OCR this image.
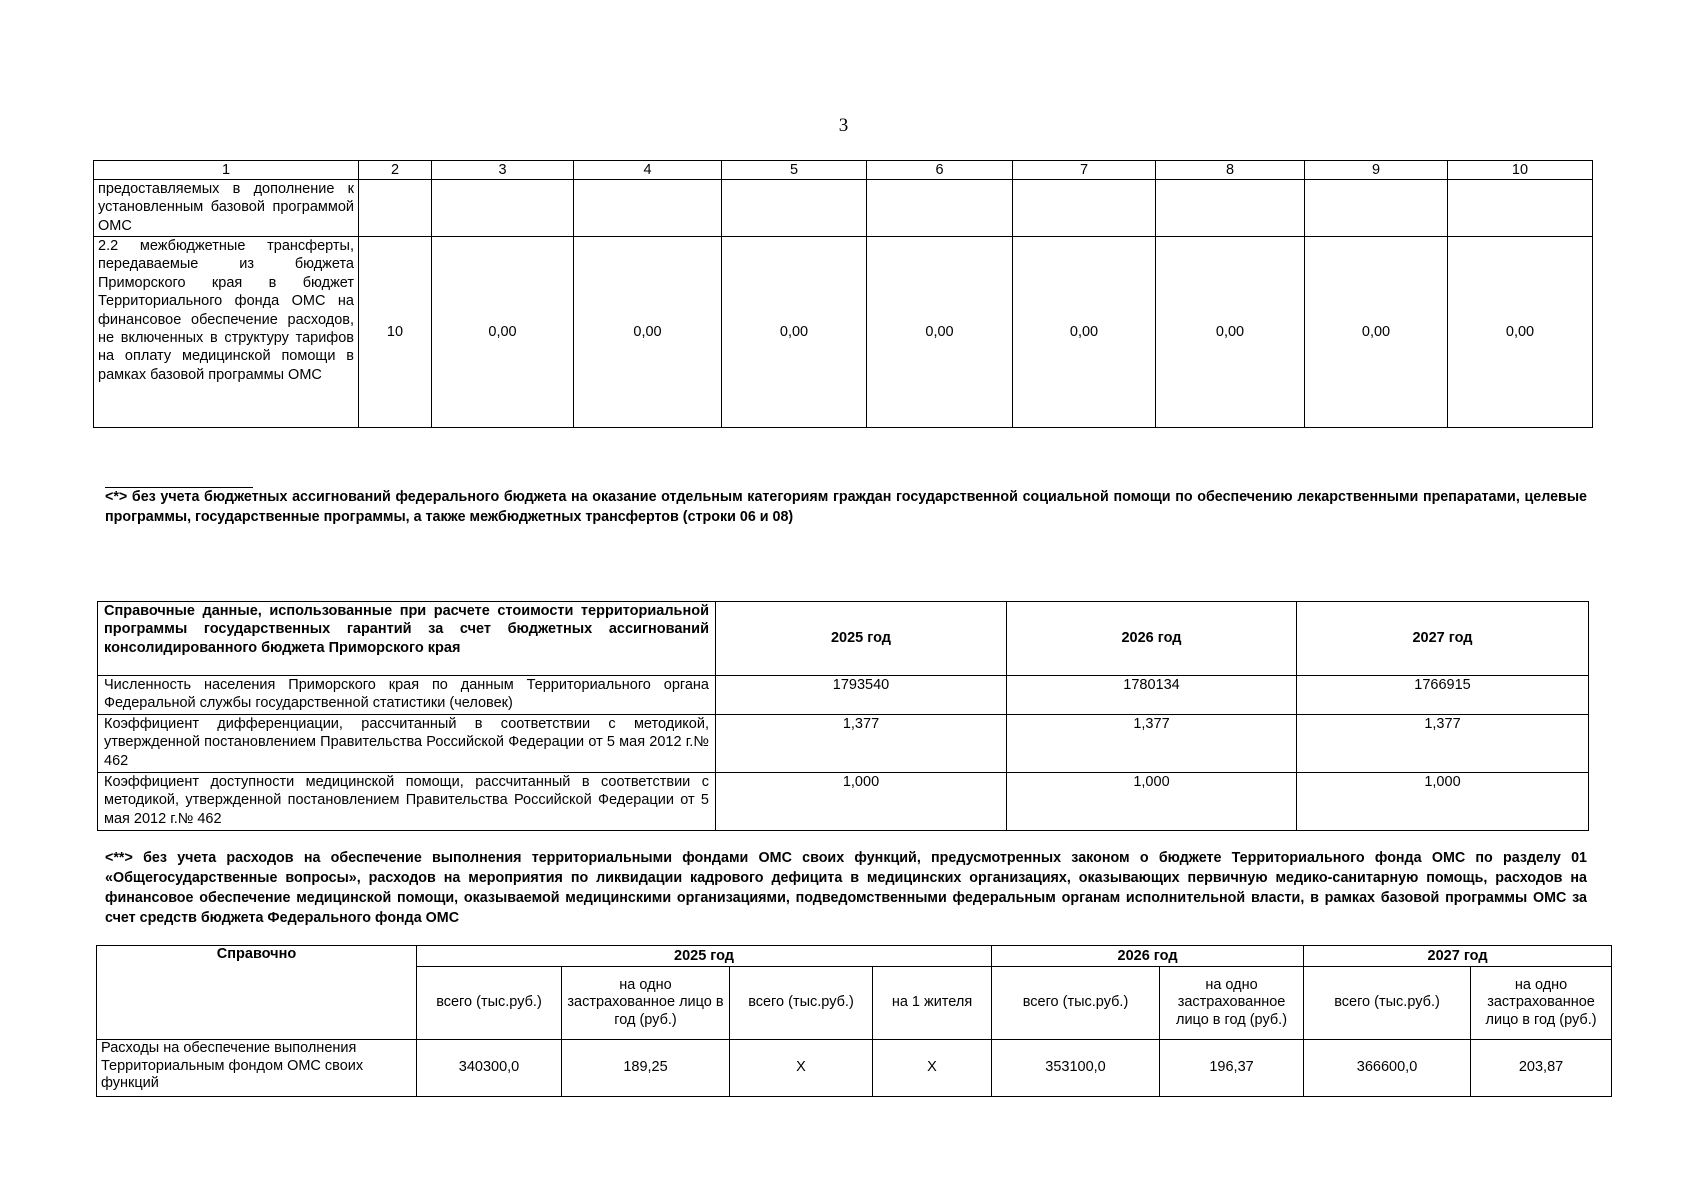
3
1	2	3	4	5	6	7	8	9	10
предоставляемых в дополнение к установленным базовой программой ОМС									
2.2 межбюджетные трансферты, передаваемые из бюджета Приморского края в бюджет Территориального фонда ОМС на финансовое обеспечение расходов, не включенных в структуру тарифов на оплату медицинской помощи в рамках базовой программы ОМС	10	0,00	0,00	0,00	0,00	0,00	0,00	0,00	0,00
<*> без учета бюджетных ассигнований федерального бюджета на оказание отдельным категориям граждан государственной социальной помощи по обеспечению лекарственными препаратами, целевые программы, государственные программы, а также межбюджетных трансфертов (строки 06 и 08)
Справочные данные, использованные при расчете стоимости территориальной программы государственных гарантий за счет бюджетных ассигнований консолидированного бюджета Приморского края	2025 год	2026 год	2027 год
Численность населения Приморского края по данным Территориального органа Федеральной службы государственной статистики (человек)	1793540	1780134	1766915
Коэффициент дифференциации, рассчитанный в соответствии с методикой, утвержденной постановлением Правительства Российской Федерации от 5 мая 2012 г.№ 462	1,377	1,377	1,377
Коэффициент доступности медицинской помощи, рассчитанный в соответствии с методикой, утвержденной постановлением Правительства Российской Федерации от 5 мая 2012 г.№ 462	1,000	1,000	1,000
<**> без учета расходов на обеспечение выполнения территориальными фондами ОМС своих функций, предусмотренных законом о бюджете Территориального фонда ОМС по разделу 01 «Общегосударственные вопросы», расходов на мероприятия по ликвидации кадрового дефицита в медицинских организациях, оказывающих первичную медико-санитарную помощь, расходов на финансовое обеспечение медицинской помощи, оказываемой медицинскими организациями, подведомственными федеральным органам исполнительной власти, в рамках базовой программы ОМС за счет средств бюджета Федерального фонда ОМС
Справочно	2025 год				2026 год		2027 год	
	всего (тыс.руб.)	на одно застрахованное лицо в год (руб.)	всего (тыс.руб.)	на 1 жителя	всего (тыс.руб.)	на одно застрахованное лицо в год (руб.)	всего (тыс.руб.)	на одно застрахованное лицо в год (руб.)
Расходы на обеспечение выполнения Территориальным фондом ОМС своих функций	340300,0	189,25	X	X	353100,0	196,37	366600,0	203,87
